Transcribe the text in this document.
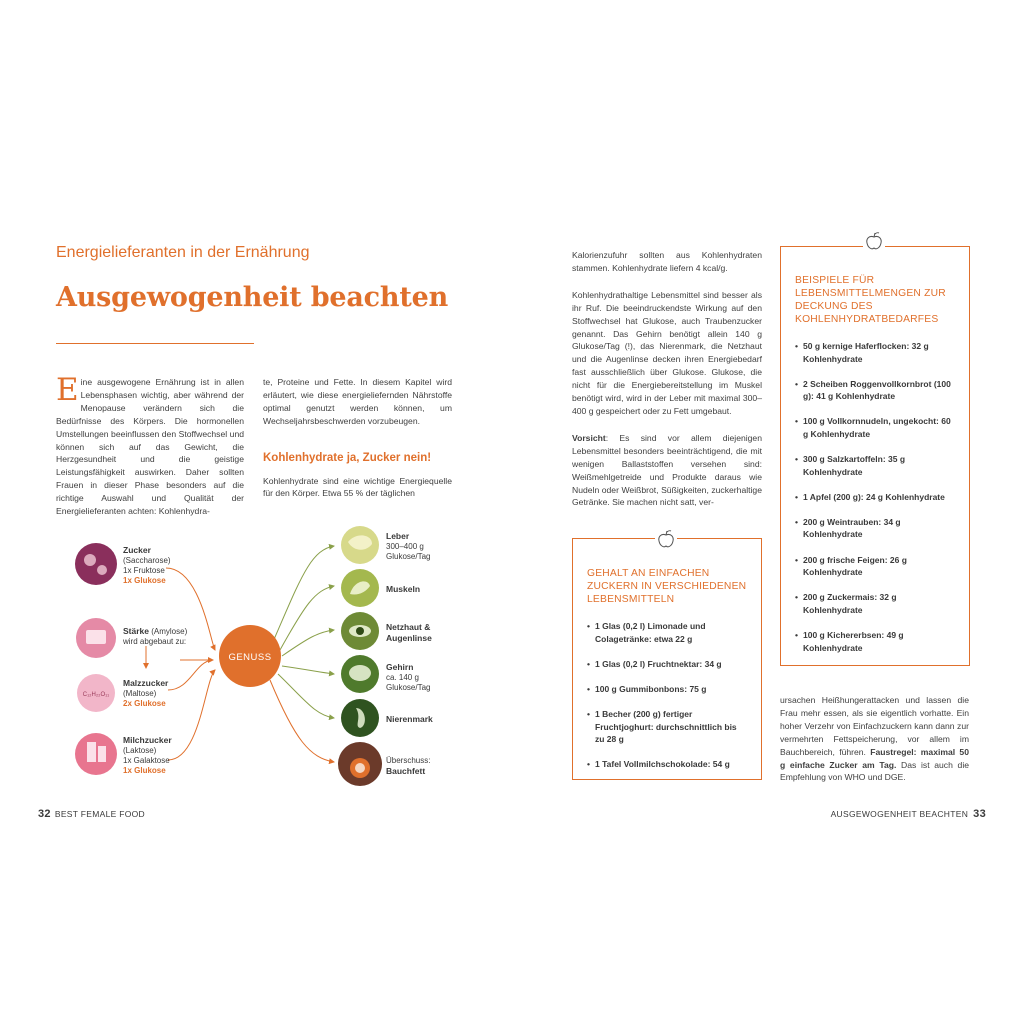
Energielieferanten in der Ernährung
Ausgewogenheit beachten
Eine ausgewogene Ernährung ist in allen Lebensphasen wichtig, aber während der Menopause verändern sich die Bedürfnisse des Körpers. Die hormonellen Umstellungen beeinflussen den Stoffwechsel und können sich auf das Gewicht, die Herzgesundheit und die geistige Leistungsfähigkeit auswirken. Daher sollten Frauen in dieser Phase besonders auf die richtige Auswahl und Qualität der Energielieferanten achten: Kohlenhydra-

te, Proteine und Fette. In diesem Kapitel wird erläutert, wie diese energieliefernden Nährstoffe optimal genutzt werden können, um Wechseljahrsbeschwerden vorzubeugen.

Kohlenhydrate ja, Zucker nein!

Kohlenhydrate sind eine wichtige Energiequelle für den Körper. Etwa 55 % der täglichen

GENUSS
C₁₂H₂₂O₁₁
Zucker
(Saccharose)
1x Fruktose
1x Glukose
Stärke (Amylose)
wird abgebaut zu:
Malzzucker
(Maltose)
2x Glukose
Milchzucker
(Laktose)
1x Galaktose
1x Glukose
Leber
300–400 g Glukose/Tag
Muskeln
Netzhaut & Augenlinse
Gehirn
ca. 140 g Glukose/Tag
Nierenmark
Überschuss:
Bauchfett
32 BEST FEMALE FOOD

Kalorienzufuhr sollten aus Kohlenhydraten stammen. Kohlenhydrate liefern 4 kcal/g.

Kohlenhydrathaltige Lebensmittel sind besser als ihr Ruf. Die beeindruckendste Wirkung auf den Stoffwechsel hat Glukose, auch Traubenzucker genannt. Das Gehirn benötigt allein 140 g Glukose/Tag (!), das Nierenmark, die Netzhaut und die Augenlinse decken ihren Energiebedarf fast ausschließlich über Glukose. Glukose, die nicht für die Energiebereitstellung im Muskel benötigt wird, wird in der Leber mit maximal 300–400 g gespeichert oder zu Fett umgebaut.

Vorsicht: Es sind vor allem diejenigen Lebensmittel besonders beeinträchtigend, die mit wenigen Ballaststoffen versehen sind: Weißmehlgetreide und Produkte daraus wie Nudeln oder Weißbrot, Süßigkeiten, zuckerhaltige Getränke. Sie machen nicht satt, ver-

GEHALT AN EINFACHEN ZUCKERN IN VERSCHIEDENEN LEBENSMITTELN
• 1 Glas (0,2 l) Limonade und Colagetränke: etwa 22 g
• 1 Glas (0,2 l) Fruchtnektar: 34 g
• 100 g Gummibonbons: 75 g
• 1 Becher (200 g) fertiger Fruchtjoghurt: durchschnittlich bis zu 28 g
• 1 Tafel Vollmilchschokolade: 54 g
BEISPIELE FÜR LEBENSMITTELMENGEN ZUR DECKUNG DES KOHLENHYDRATBEDARFES
• 50 g kernige Haferflocken: 32 g Kohlenhydrate
• 2 Scheiben Roggenvollkornbrot (100 g): 41 g Kohlenhydrate
• 100 g Vollkornnudeln, ungekocht: 60 g Kohlenhydrate
• 300 g Salzkartoffeln: 35 g Kohlenhydrate
• 1 Apfel (200 g): 24 g Kohlenhydrate
• 200 g Weintrauben: 34 g Kohlenhydrate
• 200 g frische Feigen: 26 g Kohlenhydrate
• 200 g Zuckermais: 32 g Kohlenhydrate
• 100 g Kichererbsen: 49 g Kohlenhydrate
ursachen Heißhungerattacken und lassen die Frau mehr essen, als sie eigentlich vorhatte. Ein hoher Verzehr von Einfachzuckern kann dann zur vermehrten Fettspeicherung, vor allem im Bauchbereich, führen. Faustregel: maximal 50 g einfache Zucker am Tag. Das ist auch die Empfehlung von WHO und DGE.
AUSGEWOGENHEIT BEACHTEN 33
